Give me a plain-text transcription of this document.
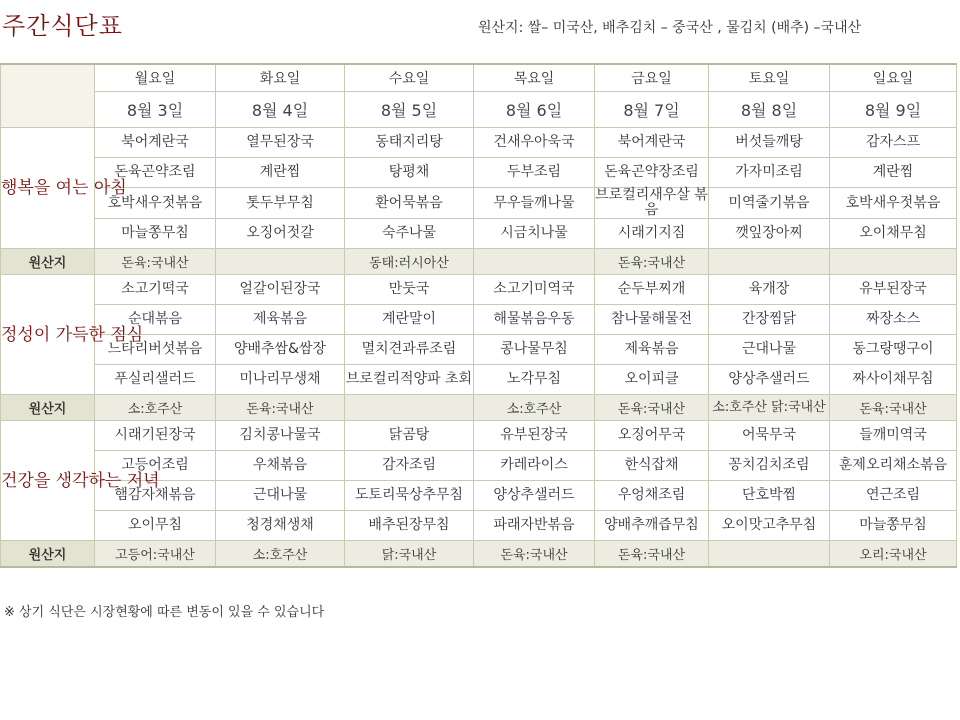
주간식단표	원산지: 쌀– 미국산, 배추김치 – 중국산 , 물김치 (배추) –국내산
	월요일	화요일	수요일	목요일	금요일	토요일	일요일
	8월 3일	8월 4일	8월 5일	8월 6일	8월 7일	8월 8일	8월 9일
행복을 여는 아침	북어계란국	열무된장국	동태지리탕	건새우아욱국	북어계란국	버섯들깨탕	감자스프
	돈육곤약조림	계란찜	탕평채	두부조림	돈육곤약장조림	가자미조림	계란찜
	호박새우젓볶음	톳두부무침	환어묵볶음	무우들깨나물	브로컬리새우살 볶음	미역줄기볶음	호박새우젓볶음
	마늘쫑무침	오징어젓갈	숙주나물	시금치나물	시래기지짐	깻잎장아찌	오이채무침
원산지	돈육:국내산		동태:러시아산		돈육:국내산		
정성이 가득한 점심	소고기떡국	얼갈이된장국	만둣국	소고기미역국	순두부찌개	육개장	유부된장국
	순대볶음	제육볶음	계란말이	해물볶음우동	참나물해물전	간장찜닭	짜장소스
	느타리버섯볶음	양배추쌈&쌈장	멸치견과류조림	콩나물무침	제육볶음	근대나물	동그랑땡구이
	푸실리샐러드	미나리무생채	브로컬리적양파 초회	노각무침	오이피클	양상추샐러드	짜사이채무침
원산지	소:호주산	돈육:국내산		소:호주산	돈육:국내산	소:호주산 닭:국내산	돈육:국내산
건강을 생각하는 저녁	시래기된장국	김치콩나물국	닭곰탕	유부된장국	오징어무국	어묵무국	들깨미역국
	고등어조림	우채볶음	감자조림	카레라이스	한식잡채	꽁치김치조림	훈제오리채소볶음
	햄감자채볶음	근대나물	도토리묵상추무침	양상추샐러드	우엉채조림	단호박찜	연근조림
	오이무침	청경채생채	배추된장무침	파래자반볶음	양배추깨즙무침	오이맛고추무침	마늘쫑무침
원산지	고등어:국내산	소:호주산	닭:국내산	돈육:국내산	돈육:국내산		오리:국내산
※ 상기 식단은 시장현황에 따른 변동이 있을 수 있습니다
